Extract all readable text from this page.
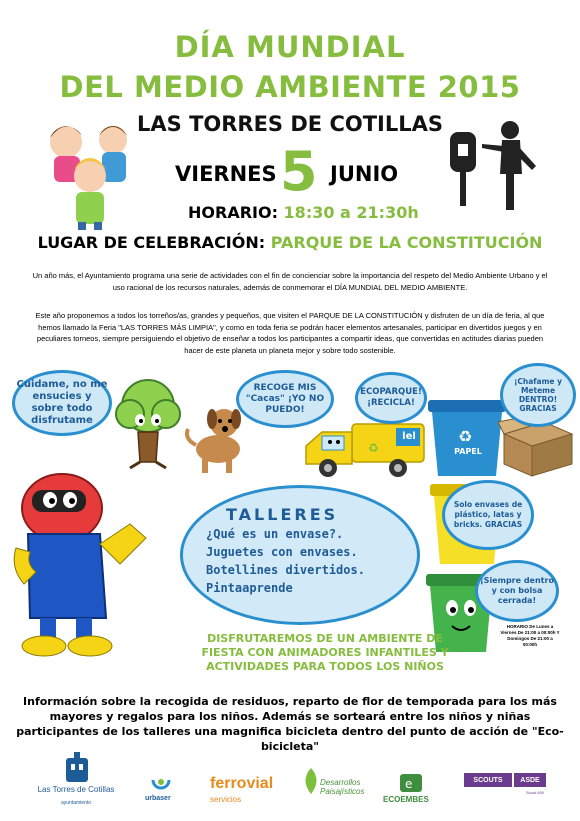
DÍA MUNDIAL
DEL MEDIO AMBIENTE 2015
LAS TORRES DE COTILLAS
VIERNES 5 JUNIO
HORARIO: 18:30 a 21:30h
LUGAR DE CELEBRACIÓN: PARQUE DE LA CONSTITUCIÓN
Un año más, el Ayuntamiento programa una serie de actividades con el fin de concienciar sobre la importancia del respeto del Medio Ambiente Urbano y el uso racional de los recursos naturales, además de conmemorar el DÍA MUNDIAL DEL MEDIO AMBIENTE.
Este año proponemos a todos los torreños/as, grandes y pequeños, que visiten el PARQUE DE LA CONSTITUCIÓN y disfruten de un día de feria, al que hemos llamado la Feria "LAS TORRES MÁS LIMPIA", y como en toda feria se podrán hacer elementos artesanales, participar en divertidos juegos y en peculiares torneos, siempre persiguiendo el objetivo de enseñar a todos los participantes a compartir ideas, que convertidas en actitudes diarias pueden hacer de este planeta un planeta mejor y sobre todo sostenible.
♻
lel	♻
PAPEL
Cuidame, no me ensucies y sobre todo disfrutame
RECOGE MIS "Cacas" ¡YO NO PUEDO!
ECOPARQUE! ¡RECICLA!
¡Chafame y Meteme DENTRO! GRACIAS
TALLERES
¿Qué es un envase?.
Juguetes con envases.
Botellines divertidos.
Pintaaprende
Solo envases de plástico, latas y bricks. GRACIAS
¡Siempre dentro y con bolsa cerrada!
HORARIO De Lunes a Viernes De 21:00 a 00:00h Y Domingos De 21:00 a 00:00h
DISFRUTAREMOS DE UN AMBIENTE DE FIESTA CON ANIMADORES INFANTILES Y ACTIVIDADES PARA TODOS LOS NIÑOS
Información sobre la recogida de residuos, reparto de flor de temporada para los más mayores y regalos para los niños. Además se sorteará entre los niños y niñas participantes de los talleres una magnifica bicicleta dentro del punto de acción de "Eco-bicicleta"
Las Torres de Cotillas
ayuntamiento
urbaser
ferrovial
servicios
Desarrollos Paisajísticos
e
ECOEMBES
SCOUTS	ASDE
Scout 600
